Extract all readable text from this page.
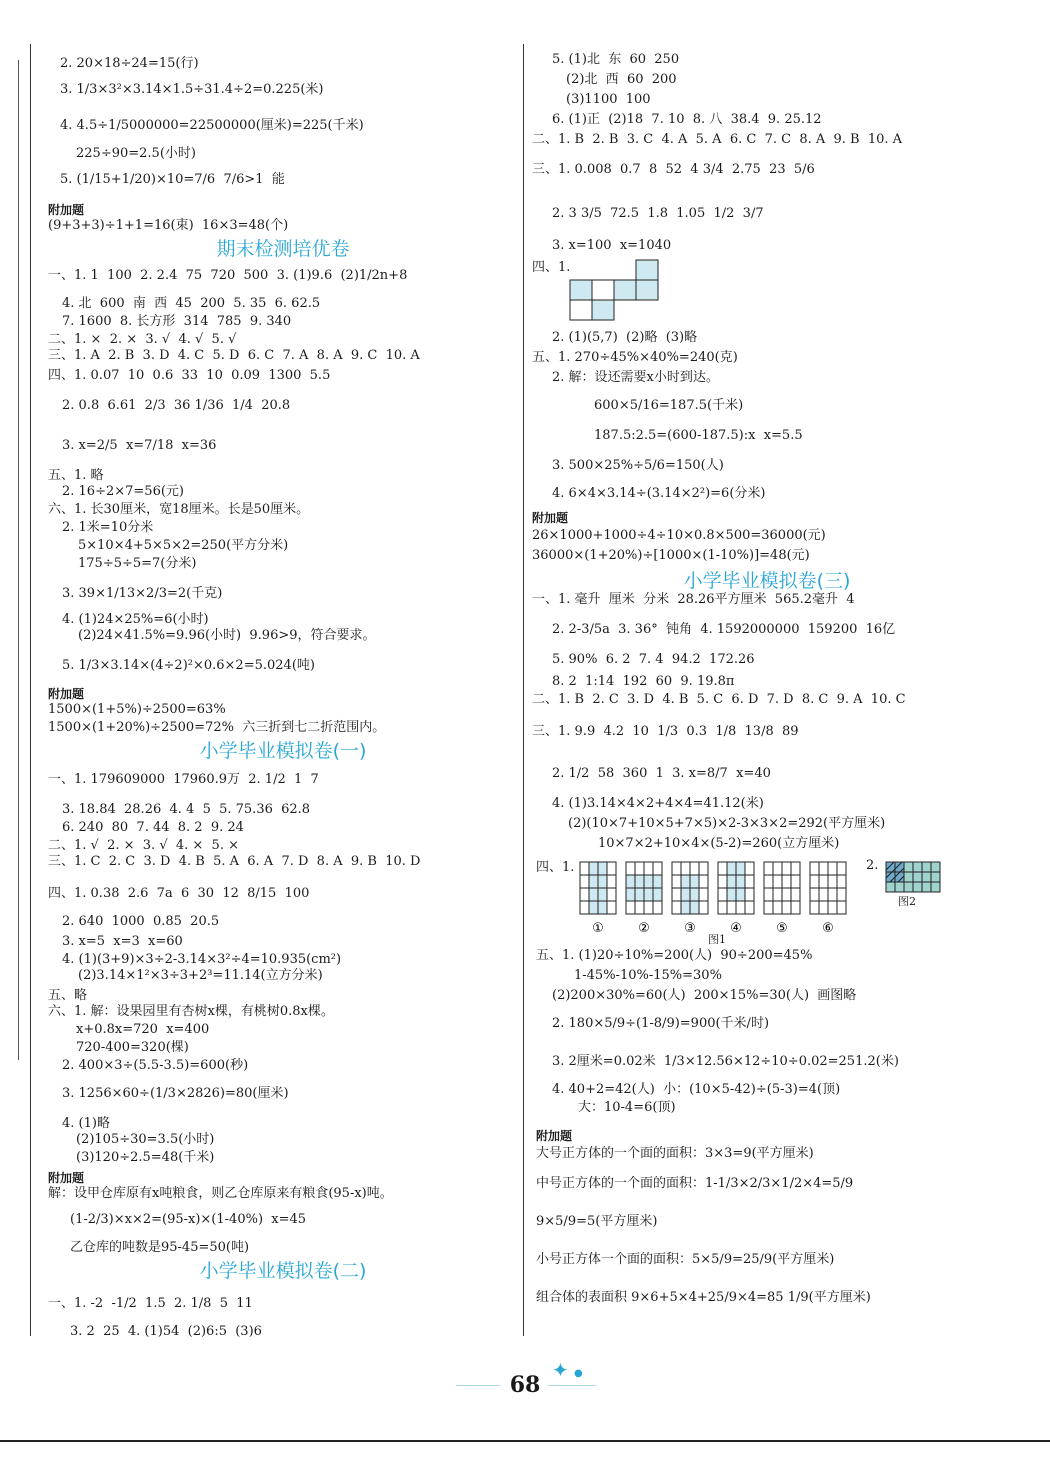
2. 20×18÷24=15(行)
3. 1/3×3²×3.14×1.5÷31.4÷2=0.225(米)
4. 4.5÷1/5000000=22500000(厘米)=225(千米)
225÷90=2.5(小时)
5. (1/15+1/20)×10=7/6  7/6>1  能
附加题
(9+3+3)÷1+1=16(束)  16×3=48(个)
期末检测培优卷
一、1. 1  100  2. 2.4  75  720  500  3. (1)9.6  (2)1/2n+8
4. 北  600  南  西  45  200  5. 35  6. 62.5
7. 1600  8. 长方形  314  785  9. 340
二、1. ×  2. ×  3. √  4. √  5. √
三、1. A  2. B  3. D  4. C  5. D  6. C  7. A  8. A  9. C  10. A
四、1. 0.07  10  0.6  33  10  0.09  1300  5.5
2. 0.8  6.61  2/3  36 1/36  1/4  20.8
3. x=2/5  x=7/18  x=36
五、1. 略
2. 16÷2×7=56(元)
六、1. 长30厘米，宽18厘米。长是50厘米。
2. 1米=10分米
5×10×4+5×5×2=250(平方分米)
175÷5÷5=7(分米)
3. 39×1/13×2/3=2(千克)
4. (1)24×25%=6(小时)
(2)24×41.5%=9.96(小时)  9.96>9，符合要求。
5. 1/3×3.14×(4÷2)²×0.6×2=5.024(吨)
附加题
1500×(1+5%)÷2500=63%
1500×(1+20%)÷2500=72%  六三折到七二折范围内。
小学毕业模拟卷(一)
一、1. 179609000  17960.9万  2. 1/2  1  7
3. 18.84  28.26  4. 4  5  5. 75.36  62.8
6. 240  80  7. 44  8. 2  9. 24
二、1. √  2. ×  3. √  4. ×  5. ×
三、1. C  2. C  3. D  4. B  5. A  6. A  7. D  8. A  9. B  10. D
四、1. 0.38  2.6  7a  6  30  12  8/15  100
2. 640  1000  0.85  20.5
3. x=5  x=3  x=60
4. (1)(3+9)×3÷2-3.14×3²÷4=10.935(cm²)
(2)3.14×1²×3÷3+2³=11.14(立方分米)
五、略
六、1. 解：设果园里有杏树x棵，有桃树0.8x棵。
x+0.8x=720  x=400
720-400=320(棵)
2. 400×3÷(5.5-3.5)=600(秒)
3. 1256×60÷(1/3×2826)=80(厘米)
4. (1)略
(2)105÷30=3.5(小时)
(3)120÷2.5=48(千米)
附加题
解：设甲仓库原有x吨粮食，则乙仓库原来有粮食(95-x)吨。
(1-2/3)×x×2=(95-x)×(1-40%)  x=45
乙仓库的吨数是95-45=50(吨)
小学毕业模拟卷(二)
一、1. -2  -1/2  1.5  2. 1/8  5  11
3. 2  25  4. (1)54  (2)6:5  (3)6
5. (1)北  东  60  250
(2)北  西  60  200
(3)1100  100
6. (1)正  (2)18  7. 10  8. 八  38.4  9. 25.12
二、1. B  2. B  3. C  4. A  5. A  6. C  7. C  8. A  9. B  10. A
三、1. 0.008  0.7  8  52  4 3/4  2.75  23  5/6
2. 3 3/5  72.5  1.8  1.05  1/2  3/7
3. x=100  x=1040
四、1.
2. (1)(5,7)  (2)略  (3)略
五、1. 270÷45%×40%=240(克)
2. 解：设还需要x小时到达。
600×5/16=187.5(千米)
187.5:2.5=(600-187.5):x  x=5.5
3. 500×25%÷5/6=150(人)
4. 6×4×3.14÷(3.14×2²)=6(分米)
附加题
26×1000+1000÷4÷10×0.8×500=36000(元)
36000×(1+20%)÷[1000×(1-10%)]=48(元)
小学毕业模拟卷(三)
一、1. 毫升  厘米  分米  28.26平方厘米  565.2毫升  4
2. 2-3/5a  3. 36°  钝角  4. 1592000000  159200  16亿
5. 90%  6. 2  7. 4  94.2  172.26
8. 2  1:14  192  60  9. 19.8π
二、1. B  2. C  3. D  4. B  5. C  6. D  7. D  8. C  9. A  10. C
三、1. 9.9  4.2  10  1/3  0.3  1/8  13/8  89
2. 1/2  58  360  1  3. x=8/7  x=40
4. (1)3.14×4×2+4×4=41.12(米)
(2)(10×7+10×5+7×5)×2-3×3×2=292(平方厘米)
10×7×2+10×4×(5-2)=260(立方厘米)
四、1.	2.
①	②	③	④	⑤	⑥
图1
图2
五、1. (1)20÷10%=200(人)  90÷200=45%
1-45%-10%-15%=30%
(2)200×30%=60(人)  200×15%=30(人)  画图略
2. 180×5/9÷(1-8/9)=900(千米/时)
3. 2厘米=0.02米  1/3×12.56×12÷10÷0.02=251.2(米)
4. 40+2=42(人)  小：(10×5-42)÷(5-3)=4(顶)
大：10-4=6(顶)
附加题
大号正方体的一个面的面积：3×3=9(平方厘米)
中号正方体的一个面的面积：1-1/3×2/3×1/2×4=5/9
9×5/9=5(平方厘米)
小号正方体一个面的面积：5×5/9=25/9(平方厘米)
组合体的表面积 9×6+5×4+25/9×4=85 1/9(平方厘米)
✦ ●
68
